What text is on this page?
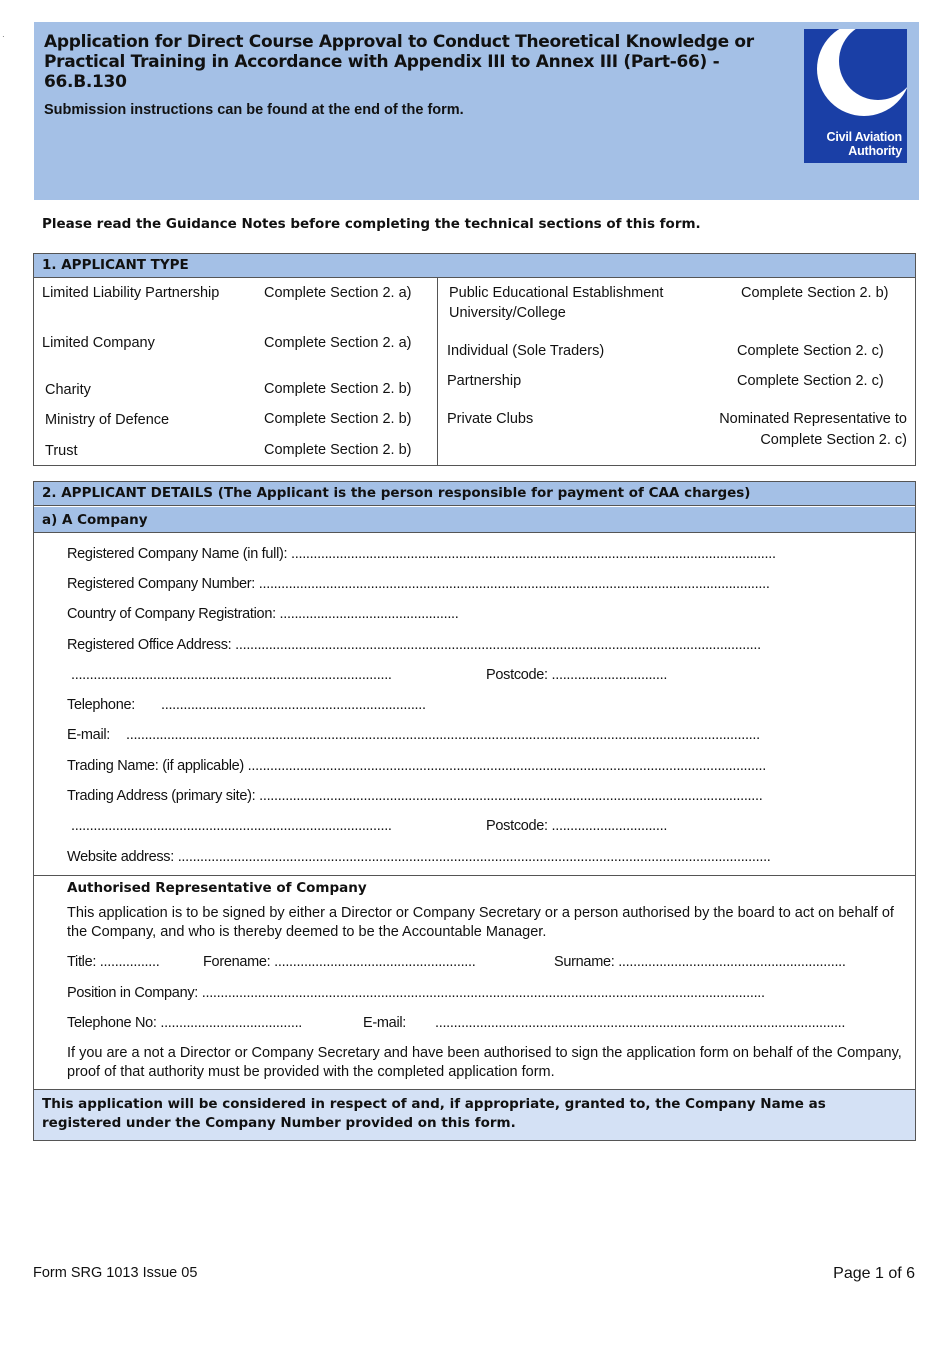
· Application for Direct Course Approval to Conduct Theoretical Knowledge or Practical Training in Accordance with Appendix III to Annex III (Part-66) - 66.B.130
Submission instructions can be found at the end of the form.
Civil Aviation
Authority
Please read the Guidance Notes before completing the technical sections of this form.
1. APPLICANT TYPE
Limited Liability Partnership	Complete Section 2. a)
Limited Company	Complete Section 2. a)
Charity	Complete Section 2. b)
Ministry of Defence	Complete Section 2. b)
Trust	Complete Section 2. b)
Public Educational Establishment University/College
Complete Section 2. b)
Individual (Sole Traders)	Complete Section 2. c)
Partnership	Complete Section 2. c)
Private Clubs	Nominated Representative to Complete Section 2. c)
2. APPLICANT DETAILS (The Applicant is the person responsible for payment of CAA charges)
a) A Company
Registered Company Name (in full): ..................................................................................................................................
Registered Company Number: .........................................................................................................................................
Country of Company Registration: ................................................
Registered Office Address: .............................................................................................................................................
......................................................................................	Postcode: ...............................
Telephone: .......................................................................
E-mail: ..........................................................................................................................................................................
Trading Name: (if applicable) ...........................................................................................................................................
Trading Address (primary site): .......................................................................................................................................
......................................................................................	Postcode: ...............................
Website address: ...............................................................................................................................................................
Authorised Representative of Company
This application is to be signed by either a Director or Company Secretary or a person authorised by the board to act on behalf of the Company, and who is thereby deemed to be the Accountable Manager.
Title: ................	Forename: ......................................................	Surname: .............................................................
Position in Company: .......................................................................................................................................................
Telephone No: ......................................	E-mail: ..............................................................................................................
If you are a not a Director or Company Secretary and have been authorised to sign the application form on behalf of the Company, proof of that authority must be provided with the completed application form.
This application will be considered in respect of and, if appropriate, granted to, the Company Name as registered under the Company Number provided on this form.
Form SRG 1013 Issue 05	Page 1 of 6
